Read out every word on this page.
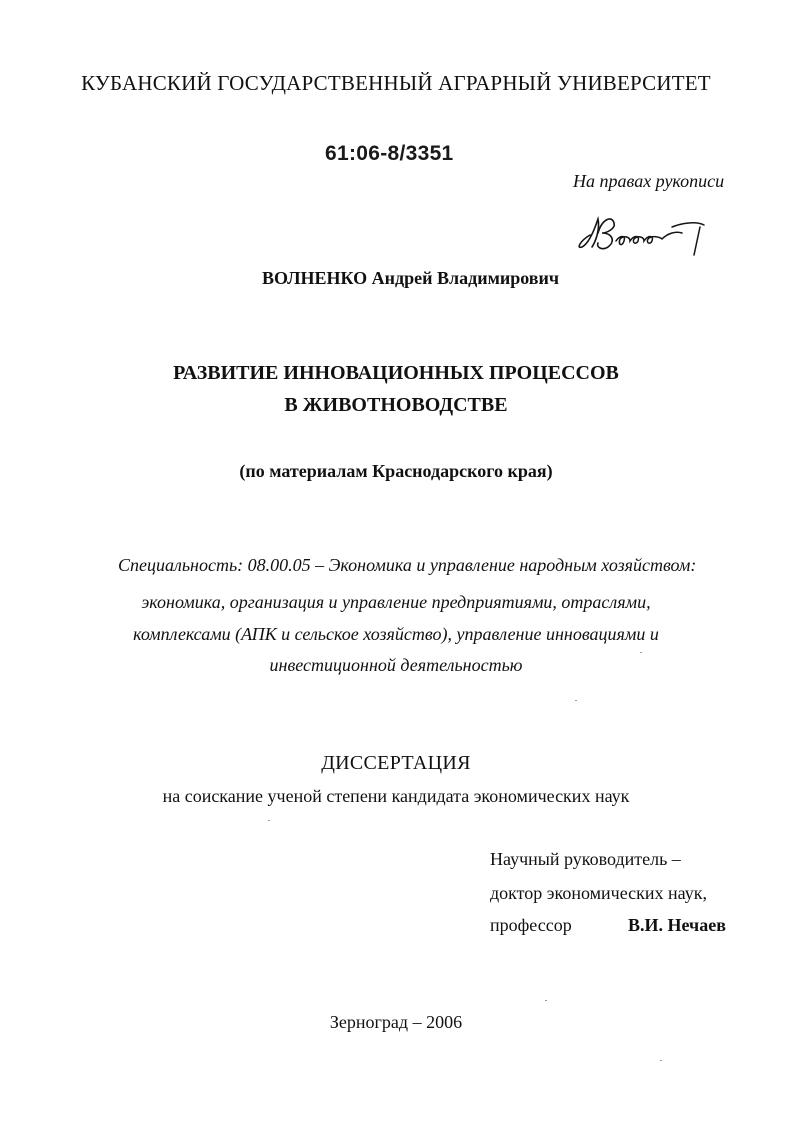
КУБАНСКИЙ ГОСУДАРСТВЕННЫЙ АГРАРНЫЙ УНИВЕРСИТЕТ
61:06-8/3351
На правах рукописи
ВОЛНЕНКО Андрей Владимирович
РАЗВИТИЕ ИННОВАЦИОННЫХ ПРОЦЕССОВ
В ЖИВОТНОВОДСТВЕ
(по материалам Краснодарского края)
Специальность: 08.00.05 – Экономика и управление народным хозяйством:
экономика, организация и управление предприятиями, отраслями,
комплексами (АПК и сельское хозяйство), управление инновациями и
инвестиционной деятельностью
ДИССЕРТАЦИЯ
на соискание ученой степени кандидата экономических наук
Научный руководитель –
доктор экономических наук,
профессор	В.И. Нечаев
Зерноград – 2006
